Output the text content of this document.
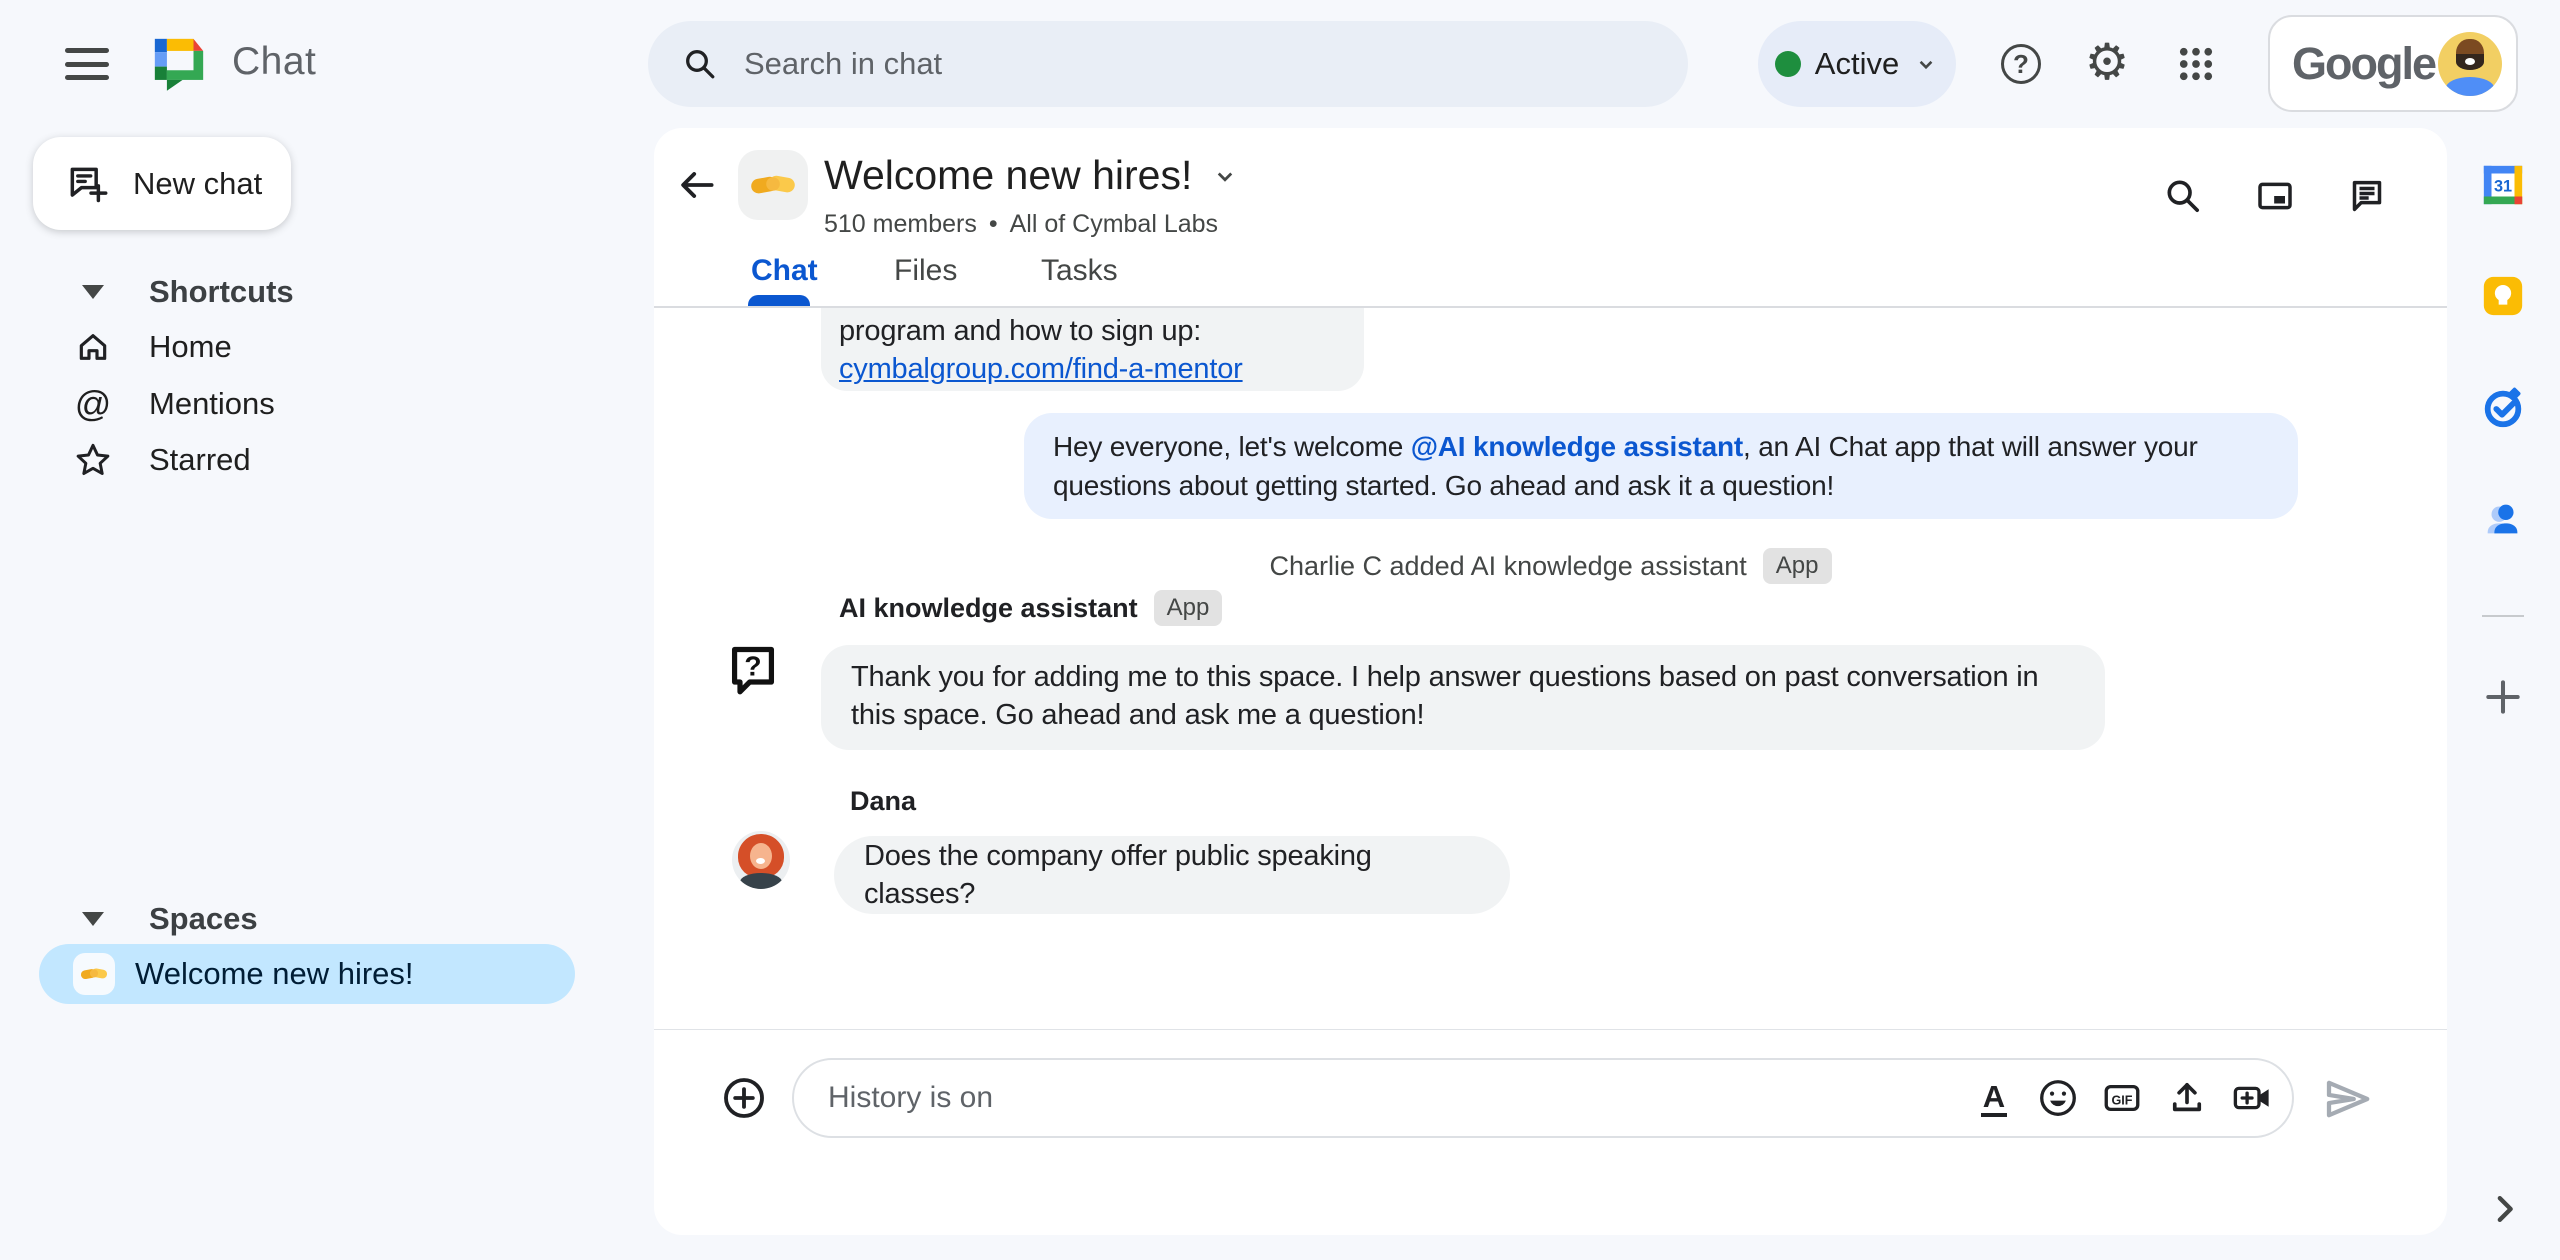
Chat
Search in chat	Active	? ⚙	Google
New chat
Shortcuts
Home
@ Mentions
Starred
Spaces
Welcome new hires!
Welcome new hires!
510 members • All of Cymbal Labs
Chat	Files	Tasks
program and how to sign up:
cymbalgroup.com/find-a-mentor
Hey everyone, let's welcome @AI knowledge assistant, an AI Chat app that will answer your questions about getting started. Go ahead and ask it a question!
Charlie C added AI knowledge assistant	App
AI knowledge assistant	App
?	Thank you for adding me to this space. I help answer questions based on past conversation in this space. Go ahead and ask me a question!
Dana
Does the company offer public speaking classes?
History is on
A	GIF
31
